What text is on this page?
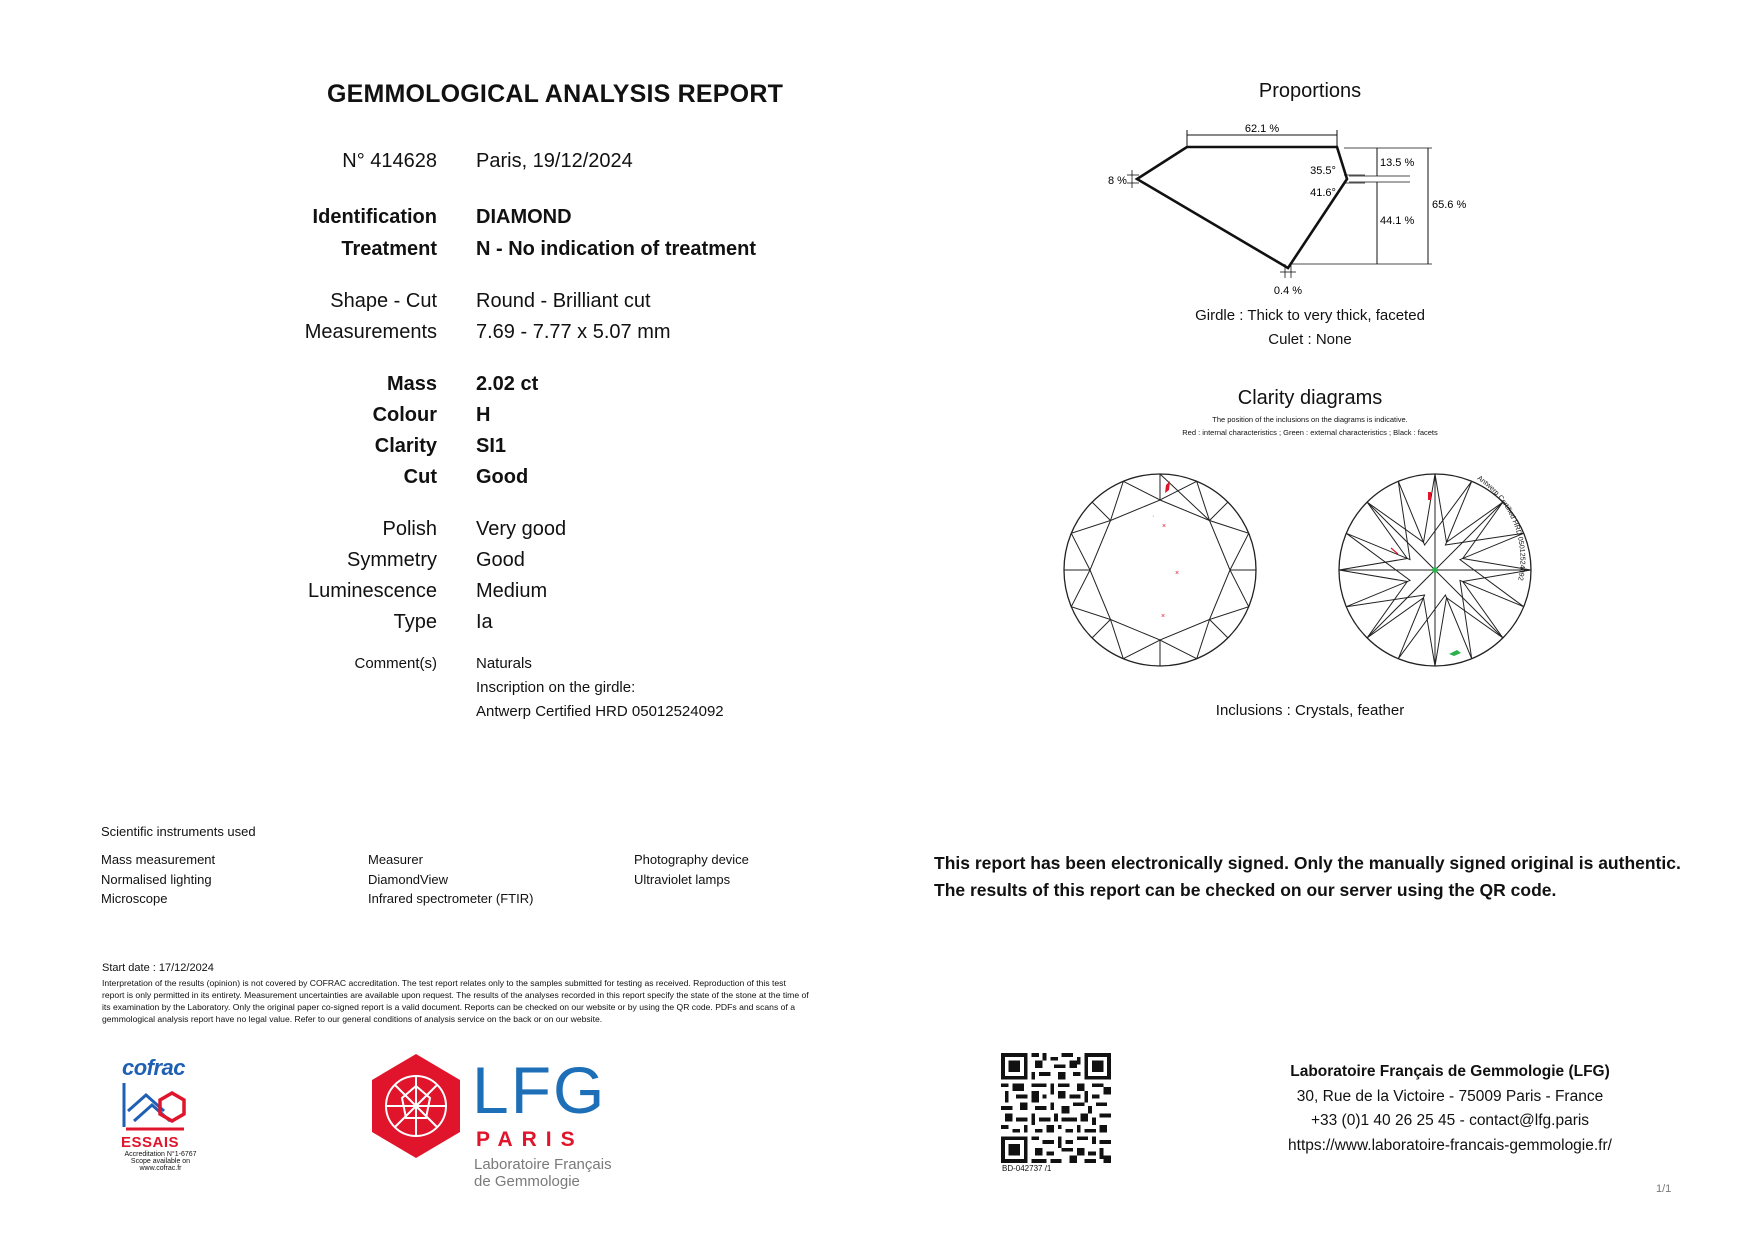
GEMMOLOGICAL ANALYSIS REPORT
N° 414628 Paris, 19/12/2024
Identification DIAMOND
Treatment N - No indication of treatment
Shape - Cut Round - Brilliant cut
Measurements 7.69 - 7.77 x 5.07 mm
Mass 2.02 ct
Colour H
Clarity SI1
Cut Good
Polish Very good
Symmetry Good
Luminescence Medium
Type Ia
Comment(s)	Naturals
Inscription on the girdle:
Antwerp Certified HRD 05012524092
Proportions
62.1 %
13.5 %
44.1 %
65.6 %
35.5°
41.6°
8 %
0.4 %
Girdle : Thick to very thick, faceted
Culet : None
Clarity diagrams
The position of the inclusions on the diagrams is indicative.
Red : internal characteristics ; Green : external characteristics ; Black : facets
×
×
×
·
Antwerp Certified HRD 05012524092
Inclusions : Crystals, feather
Scientific instruments used
Mass measurement
Normalised lighting
Microscope
Measurer
DiamondView
Infrared spectrometer (FTIR)
Photography device
Ultraviolet lamps
This report has been electronically signed. Only the manually signed original is authentic.
The results of this report can be checked on our server using the QR code.
Start date : 17/12/2024
Interpretation of the results (opinion) is not covered by COFRAC accreditation. The test report relates only to the samples submitted for testing as received. Reproduction of this test
report is only permitted in its entirety. Measurement uncertainties are available upon request. The results of the analyses recorded in this report specify the state of the stone at the time of
its examination by the Laboratory. Only the original paper co-signed report is a valid document. Reports can be checked on our website or by using the QR code. PDFs and scans of a
gemmological analysis report have no legal value. Refer to our general conditions of analysis service on the back or on our website.
cofrac
ESSAIS
Accreditation N°1-6767
Scope available on
www.cofrac.fr
LFG
PARIS
Laboratoire Français
de Gemmologie
BD-042737 /1
Laboratoire Français de Gemmologie (LFG)
30, Rue de la Victoire - 75009 Paris - France
+33 (0)1 40 26 25 45 - contact@lfg.paris
https://www.laboratoire-francais-gemmologie.fr/
1/1
